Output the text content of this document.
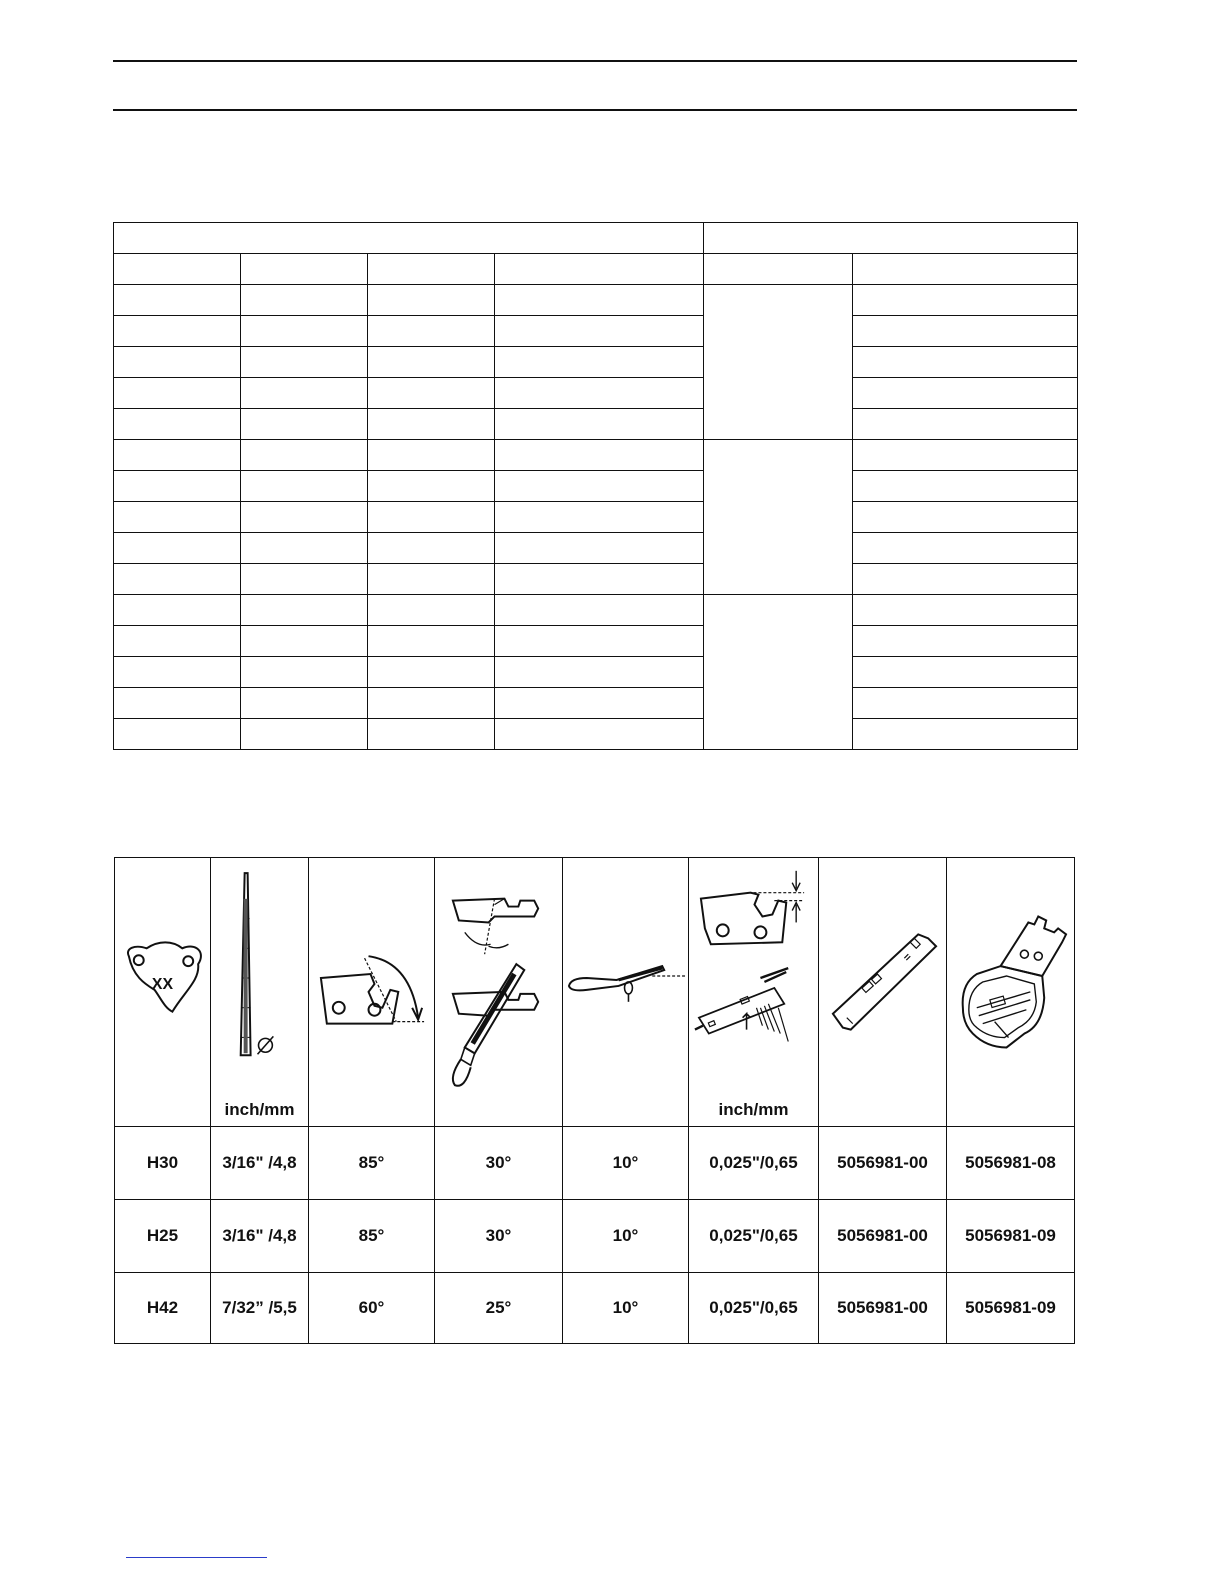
XX	inch/mm				inch/mm

H30	3/16" /4,8	85°	30°	10°	0,025"/0,65	5056981-00	5056981-08
H25	3/16" /4,8	85°	30°	10°	0,025"/0,65	5056981-00	5056981-09
H42	7/32” /5,5	60°	25°	10°	0,025"/0,65	5056981-00	5056981-09
